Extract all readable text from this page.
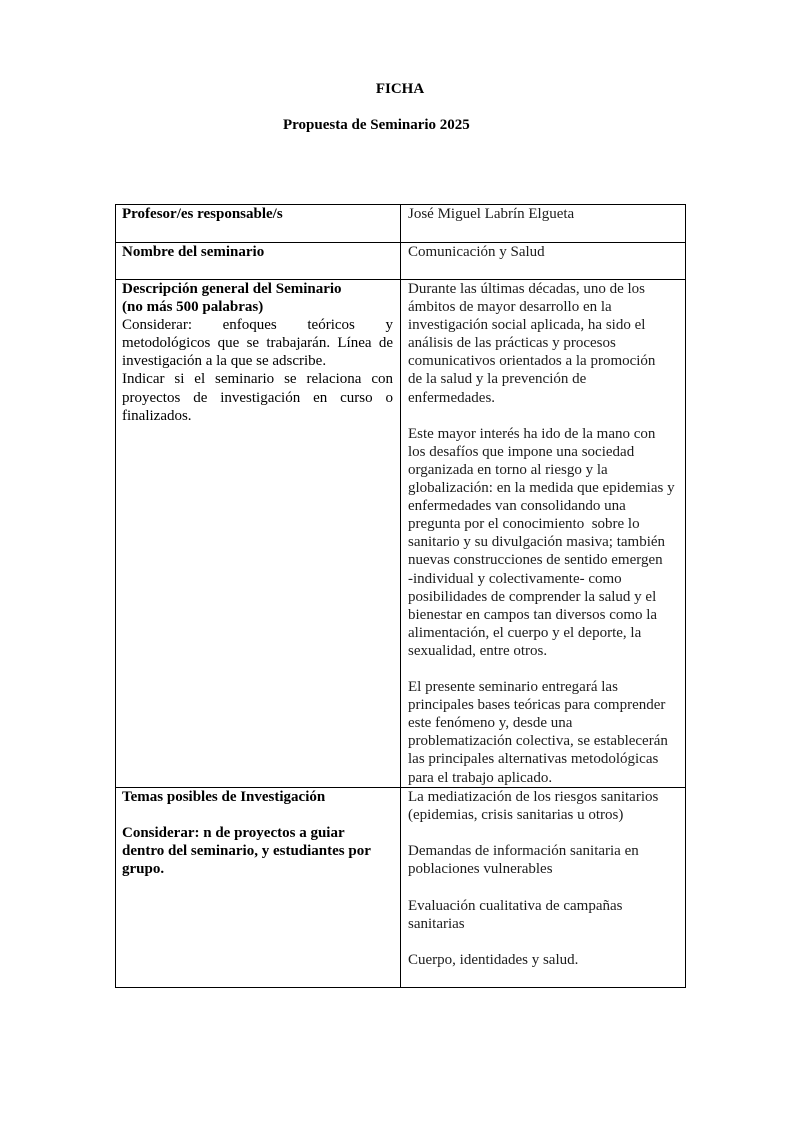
FICHA
Propuesta de Seminario 2025
Profesor/es responsable/s	José Miguel Labrín Elgueta
Nombre del seminario	Comunicación y Salud
Descripción general del Seminario
(no más 500 palabras)
Considerar: enfoques teóricos y
metodológicos que se trabajarán. Línea de
investigación a la que se adscribe.
Indicar si el seminario se relaciona con
proyectos de investigación en curso o
finalizados.
Durante las últimas décadas, uno de los
ámbitos de mayor desarrollo en la
investigación social aplicada, ha sido el
análisis de las prácticas y procesos
comunicativos orientados a la promoción
de la salud y la prevención de
enfermedades.
Este mayor interés ha ido de la mano con
los desafíos que impone una sociedad
organizada en torno al riesgo y la
globalización: en la medida que epidemias y
enfermedades van consolidando una
pregunta por el conocimiento  sobre lo
sanitario y su divulgación masiva; también
nuevas construcciones de sentido emergen
-individual y colectivamente- como
posibilidades de comprender la salud y el
bienestar en campos tan diversos como la
alimentación, el cuerpo y el deporte, la
sexualidad, entre otros.
El presente seminario entregará las
principales bases teóricas para comprender
este fenómeno y, desde una
problematización colectiva, se establecerán
las principales alternativas metodológicas
para el trabajo aplicado.
Temas posibles de Investigación
Considerar: n de proyectos a guiar
dentro del seminario, y estudiantes por
grupo.
La mediatización de los riesgos sanitarios
(epidemias, crisis sanitarias u otros)
Demandas de información sanitaria en
poblaciones vulnerables
Evaluación cualitativa de campañas
sanitarias
Cuerpo, identidades y salud.
